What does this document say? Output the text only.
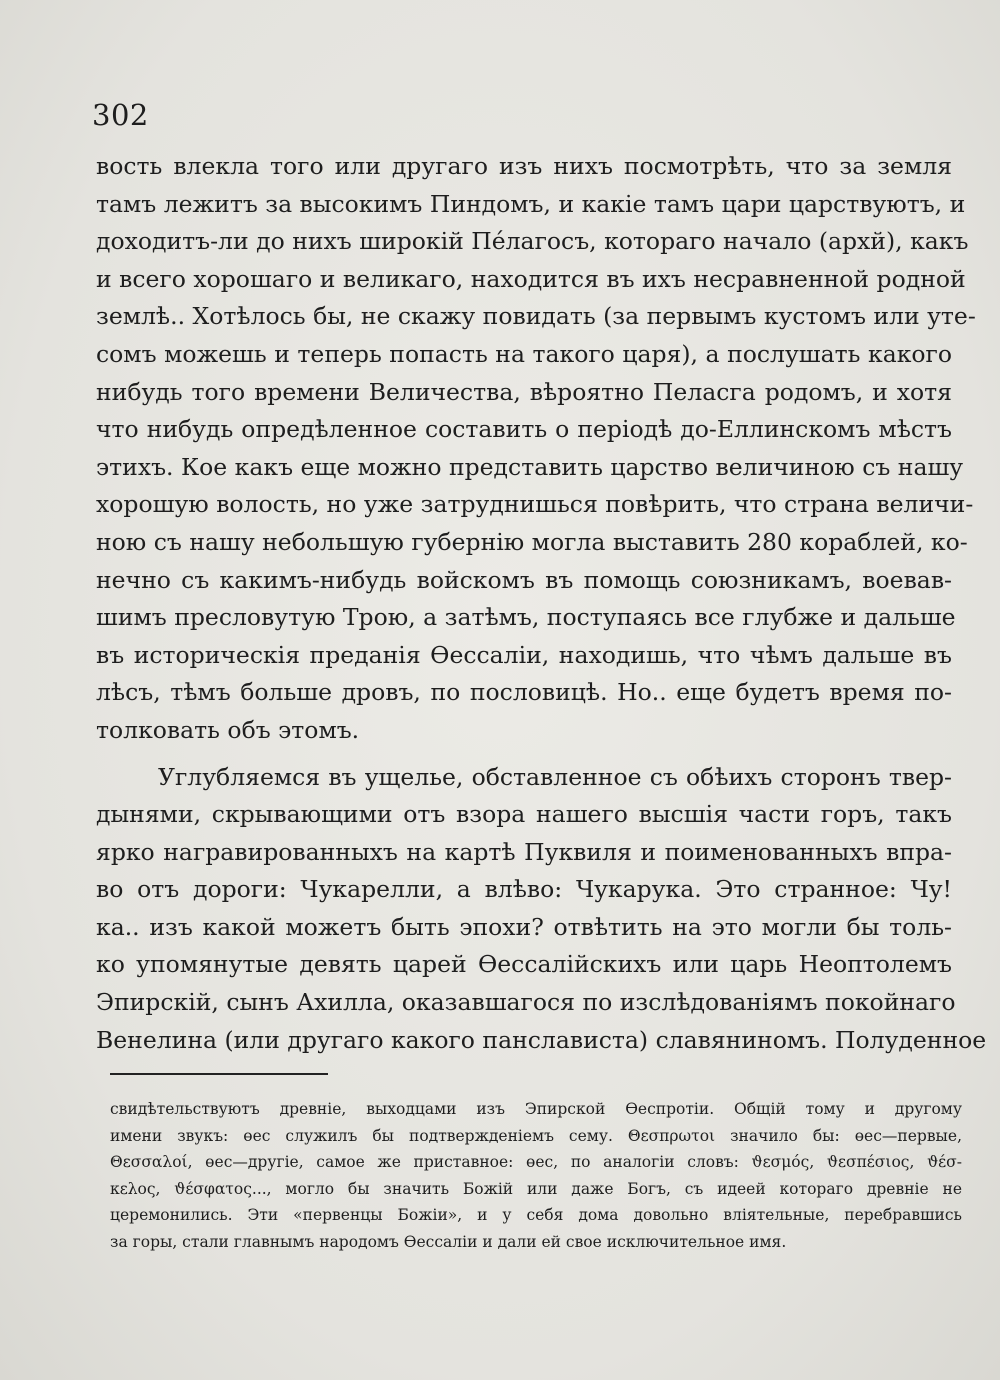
302
вость влекла того или другаго изъ нихъ посмотрѣть, что за земля
тамъ лежитъ за высокимъ Пиндомъ, и какіе тамъ цари царствуютъ, и
доходитъ-ли до нихъ широкій Пéлагосъ, котораго начало (архй), какъ
и всего хорошаго и великаго, находится въ ихъ несравненной родной
землѣ.. Хотѣлось бы, не скажу повидать (за первымъ кустомъ или уте-
сомъ можешь и теперь попасть на такого царя), а послушать какого
нибудь того времени Величества, вѣроятно Пеласга родомъ, и хотя
что нибудь опредѣленное составить о періодѣ до-Еллинскомъ мѣстъ
этихъ. Кое какъ еще можно представить царство величиною съ нашу
хорошую волость, но уже затруднишься повѣрить, что страна величи-
ною съ нашу небольшую губернію могла выставить 280 кораблей, ко-
нечно съ какимъ-нибудь войскомъ въ помощь союзникамъ, воевав-
шимъ пресловутую Трою, а затѣмъ, поступаясь все глубже и дальше
въ историческія преданія Өессаліи, находишь, что чѣмъ дальше въ
лѣсъ, тѣмъ больше дровъ, по пословицѣ. Но.. еще будетъ время по-
толковать объ этомъ.
Углубляемся въ ущелье, обставленное съ обѣихъ сторонъ твер-
дынями, скрывающими отъ взора нашего высшія части горъ, такъ
ярко награвированныхъ на картѣ Пуквиля и поименованныхъ впра-
во отъ дороги: Чукарелли, а влѣво: Чукарука. Это странное: Чу!
ка.. изъ какой можетъ быть эпохи? отвѣтить на это могли бы толь-
ко упомянутые девять царей Өессалійскихъ или царь Неоптолемъ
Эпирскій, сынъ Ахилла, оказавшагося по изслѣдованіямъ покойнаго
Венелина (или другаго какого панслависта) славяниномъ. Полуденное
свидѣтельствуютъ древніе, выходцами изъ Эпирской Өеспротіи. Общій тому и другому
имени звукъ: өес служилъ бы подтвержденіемъ сему. Θεσπρωτοι значило бы: өес—первые,
Θεσσαλοί, өес—другіе, самое же приставное: өес, по аналогіи словъ: ϑεσμός, ϑεσπέσιος, ϑέσ-
κελος, ϑέσφατος..., могло бы значить Божій или даже Богъ, съ идеей котораго древніе не
церемонились. Эти «первенцы Божіи», и у себя дома довольно вліятельные, перебравшись
за горы, стали главнымъ народомъ Өессаліи и дали ей свое исключительное имя.
